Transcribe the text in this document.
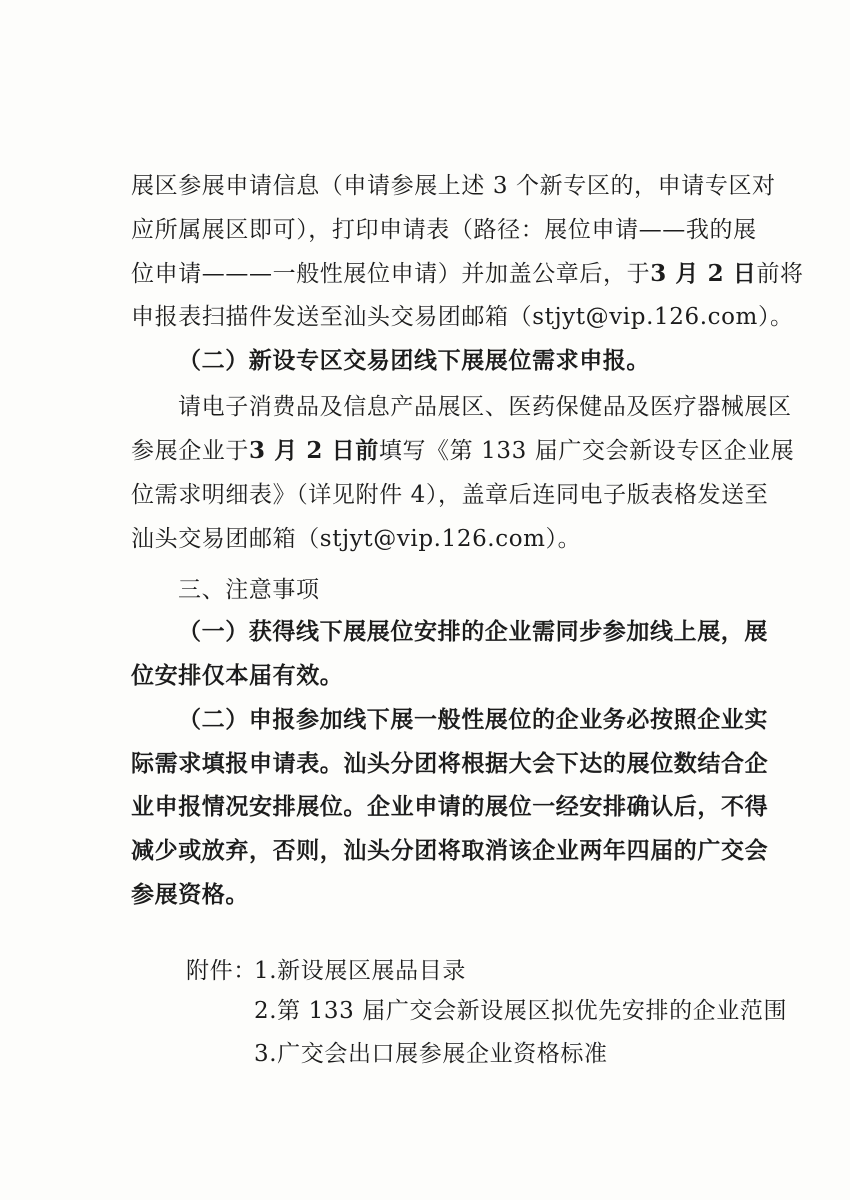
展区参展申请信息（申请参展上述 3 个新专区的，申请专区对
应所属展区即可），打印申请表（路径：展位申请——我的展
位申请———一般性展位申请）并加盖公章后，于3 月 2 日前将
申报表扫描件发送至汕头交易团邮箱（stjyt@vip.126.com）。
（二）新设专区交易团线下展展位需求申报。
请电子消费品及信息产品展区、医药保健品及医疗器械展区
参展企业于3 月 2 日前填写《第 133 届广交会新设专区企业展
位需求明细表》（详见附件 4），盖章后连同电子版表格发送至
汕头交易团邮箱（stjyt@vip.126.com）。
三、注意事项
（一）获得线下展展位安排的企业需同步参加线上展，展
位安排仅本届有效。
（二）申报参加线下展一般性展位的企业务必按照企业实
际需求填报申请表。汕头分团将根据大会下达的展位数结合企
业申报情况安排展位。企业申请的展位一经安排确认后，不得
减少或放弃，否则，汕头分团将取消该企业两年四届的广交会
参展资格。
附件：
1.新设展区展品目录
2.第 133 届广交会新设展区拟优先安排的企业范围
3.广交会出口展参展企业资格标准
